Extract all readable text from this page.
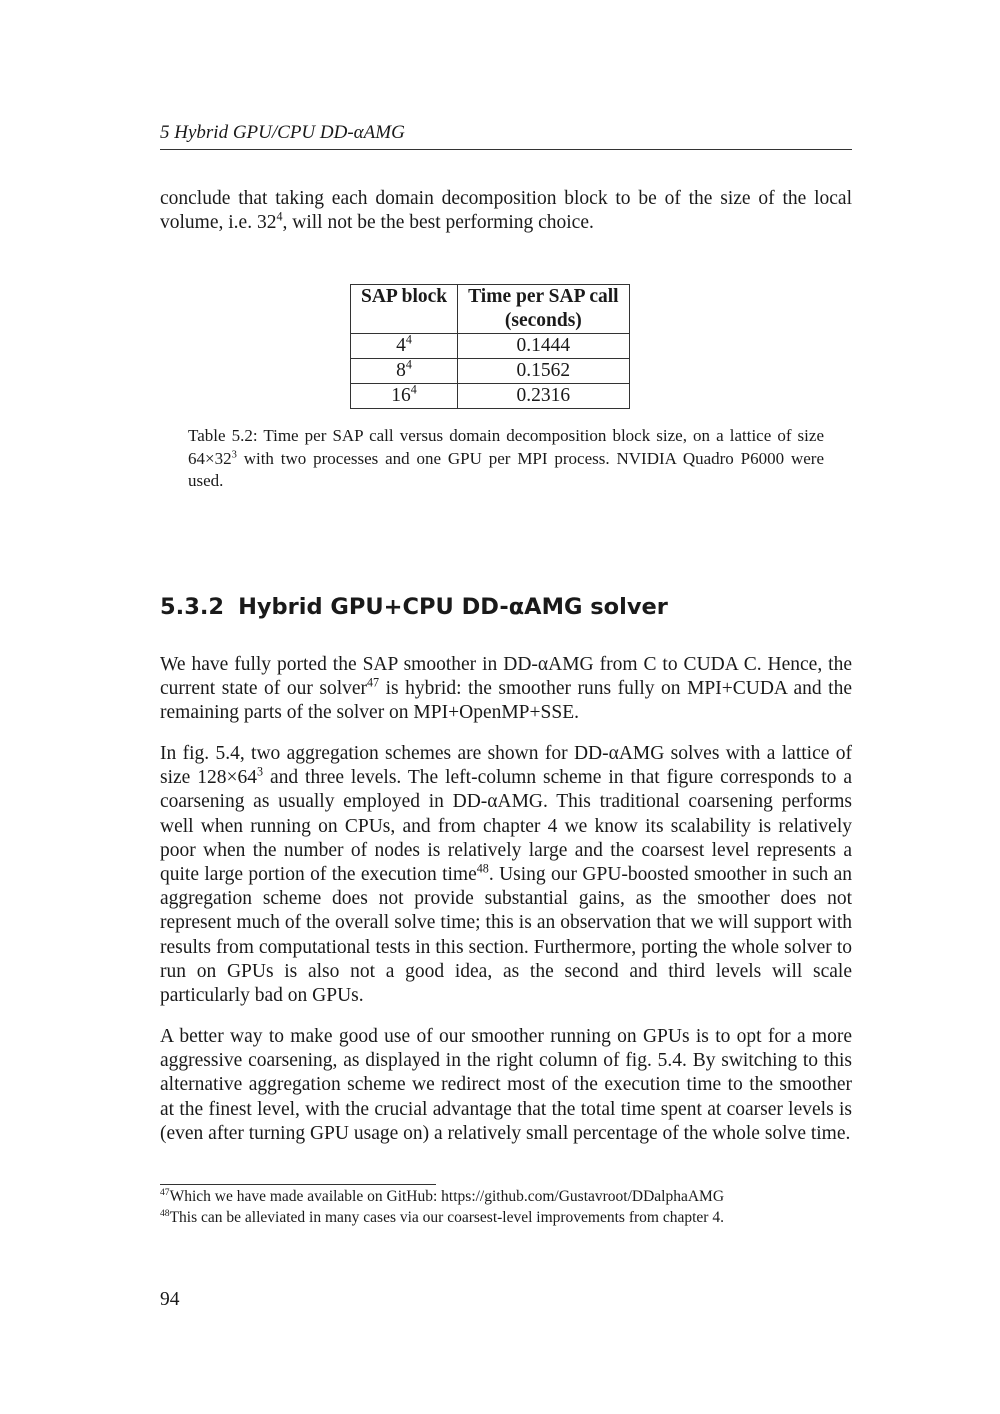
5 Hybrid GPU/CPU DD-αAMG

conclude that taking each domain decomposition block to be of the size of the local volume, i.e. $32^4$, will not be the best performing choice.

SAP block	Time per SAP call
(seconds)
$4^4$	0.1444
$8^4$	0.1562
$16^4$	0.2316

Table 5.2: Time per SAP call versus domain decomposition block size, on a lattice of size $64\times 32^3$ with two processes and one GPU per MPI process. NVIDIA Quadro P6000 were used.

5.3.2 Hybrid GPU+CPU DD-αAMG solver

We have fully ported the SAP smoother in DD-αAMG from C to CUDA C. Hence, the current state of our solver$^{47}$ is hybrid: the smoother runs fully on MPI+CUDA and the remaining parts of the solver on MPI+OpenMP+SSE.

In fig. 5.4, two aggregation schemes are shown for DD-αAMG solves with a lattice of size $128\times 64^3$ and three levels. The left-column scheme in that figure corresponds to a coarsening as usually employed in DD-αAMG. This traditional coarsening performs well when running on CPUs, and from chapter 4 we know its scalability is relatively poor when the number of nodes is relatively large and the coarsest level represents a quite large portion of the execution time$^{48}$. Using our GPU-boosted smoother in such an aggregation scheme does not provide substantial gains, as the smoother does not represent much of the overall solve time; this is an observation that we will support with results from computational tests in this section. Furthermore, porting the whole solver to run on GPUs is also not a good idea, as the second and third levels will scale particularly bad on GPUs.

A better way to make good use of our smoother running on GPUs is to opt for a more aggressive coarsening, as displayed in the right column of fig. 5.4. By switching to this alternative aggregation scheme we redirect most of the execution time to the smoother at the finest level, with the crucial advantage that the total time spent at coarser levels is (even after turning GPU usage on) a relatively small percentage of the whole solve time.

$^{47}$Which we have made available on GitHub: https://github.com/Gustavroot/DDalphaAMG

$^{48}$This can be alleviated in many cases via our coarsest-level improvements from chapter 4.

94
